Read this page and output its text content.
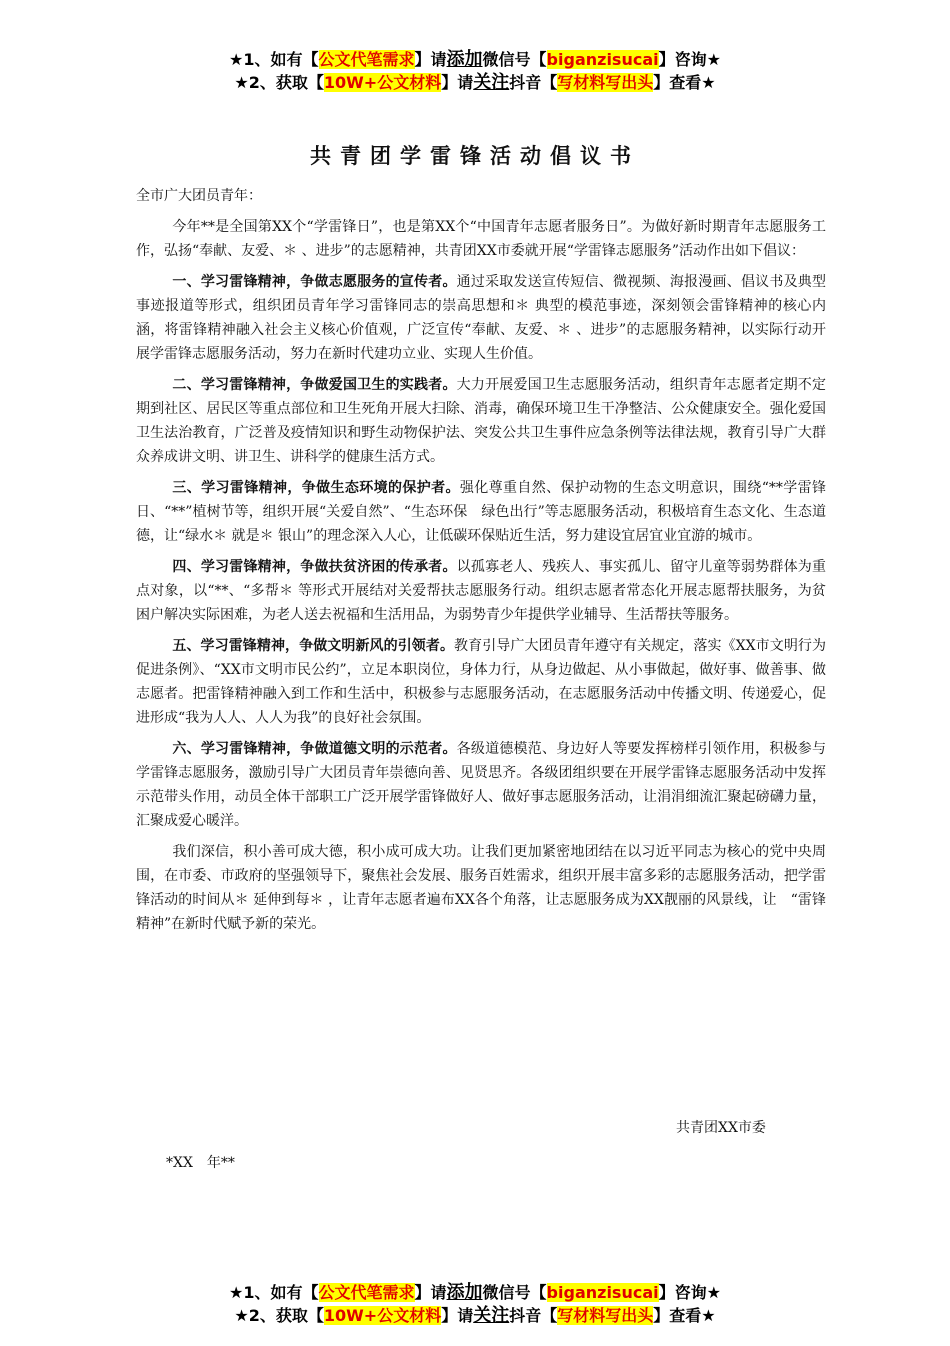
★1、如有【公文代笔需求】请添加微信号【biganzisucai】咨询★
★2、获取【10W+公文材料】请关注抖音【写材料写出头】查看★
共青团学雷锋活动倡议书

全市广大团员青年：

今年**是全国第XX个“学雷锋日”，也是第XX个“中国青年志愿者服务日”。为做好新时期青年志愿服务工作，弘扬“奉献、友爱、＊ 、进步”的志愿精神，共青团XX市委就开展“学雷锋志愿服务”活动作出如下倡议：

一、学习雷锋精神，争做志愿服务的宣传者。通过采取发送宣传短信、微视频、海报漫画、倡议书及典型事迹报道等形式，组织团员青年学习雷锋同志的崇高思想和＊ 典型的模范事迹，深刻领会雷锋精神的核心内涵，将雷锋精神融入社会主义核心价值观，广泛宣传“奉献、友爱、＊ 、进步”的志愿服务精神，以实际行动开展学雷锋志愿服务活动，努力在新时代建功立业、实现人生价值。

二、学习雷锋精神，争做爱国卫生的实践者。大力开展爱国卫生志愿服务活动，组织青年志愿者定期不定期到社区、居民区等重点部位和卫生死角开展大扫除、消毒，确保环境卫生干净整洁、公众健康安全。强化爱国卫生法治教育，广泛普及疫情知识和野生动物保护法、突发公共卫生事件应急条例等法律法规，教育引导广大群众养成讲文明、讲卫生、讲科学的健康生活方式。

三、学习雷锋精神，争做生态环境的保护者。强化尊重自然、保护动物的生态文明意识，围绕“**学雷锋日、“**”植树节等，组织开展“关爱自然”、“生态环保　绿色出行”等志愿服务活动，积极培育生态文化、生态道德，让“绿水＊ 就是＊ 银山”的理念深入人心，让低碳环保贴近生活，努力建设宜居宜业宜游的城市。

四、学习雷锋精神，争做扶贫济困的传承者。以孤寡老人、残疾人、事实孤儿、留守儿童等弱势群体为重点对象，以“**、“多帮＊ 等形式开展结对关爱帮扶志愿服务行动。组织志愿者常态化开展志愿帮扶服务，为贫困户解决实际困难，为老人送去祝福和生活用品，为弱势青少年提供学业辅导、生活帮扶等服务。

五、学习雷锋精神，争做文明新风的引领者。教育引导广大团员青年遵守有关规定，落实《XX市文明行为促进条例》、“XX市文明市民公约”，立足本职岗位，身体力行，从身边做起、从小事做起，做好事、做善事、做志愿者。把雷锋精神融入到工作和生活中，积极参与志愿服务活动，在志愿服务活动中传播文明、传递爱心，促进形成“我为人人、人人为我”的良好社会氛围。

六、学习雷锋精神，争做道德文明的示范者。各级道德模范、身边好人等要发挥榜样引领作用，积极参与学雷锋志愿服务，激励引导广大团员青年崇德向善、见贤思齐。各级团组织要在开展学雷锋志愿服务活动中发挥示范带头作用，动员全体干部职工广泛开展学雷锋做好人、做好事志愿服务活动，让涓涓细流汇聚起磅礴力量，汇聚成爱心暖洋。

我们深信，积小善可成大德，积小成可成大功。让我们更加紧密地团结在以习近平同志为核心的党中央周围，在市委、市政府的坚强领导下，聚焦社会发展、服务百姓需求，组织开展丰富多彩的志愿服务活动，把学雷锋活动的时间从＊ 延伸到每＊ ，让青年志愿者遍布XX各个角落，让志愿服务成为XX靓丽的风景线，让　“雷锋精神”在新时代赋予新的荣光。

共青团XX市委
*XX　年**
★1、如有【公文代笔需求】请添加微信号【biganzisucai】咨询★
★2、获取【10W+公文材料】请关注抖音【写材料写出头】查看★
